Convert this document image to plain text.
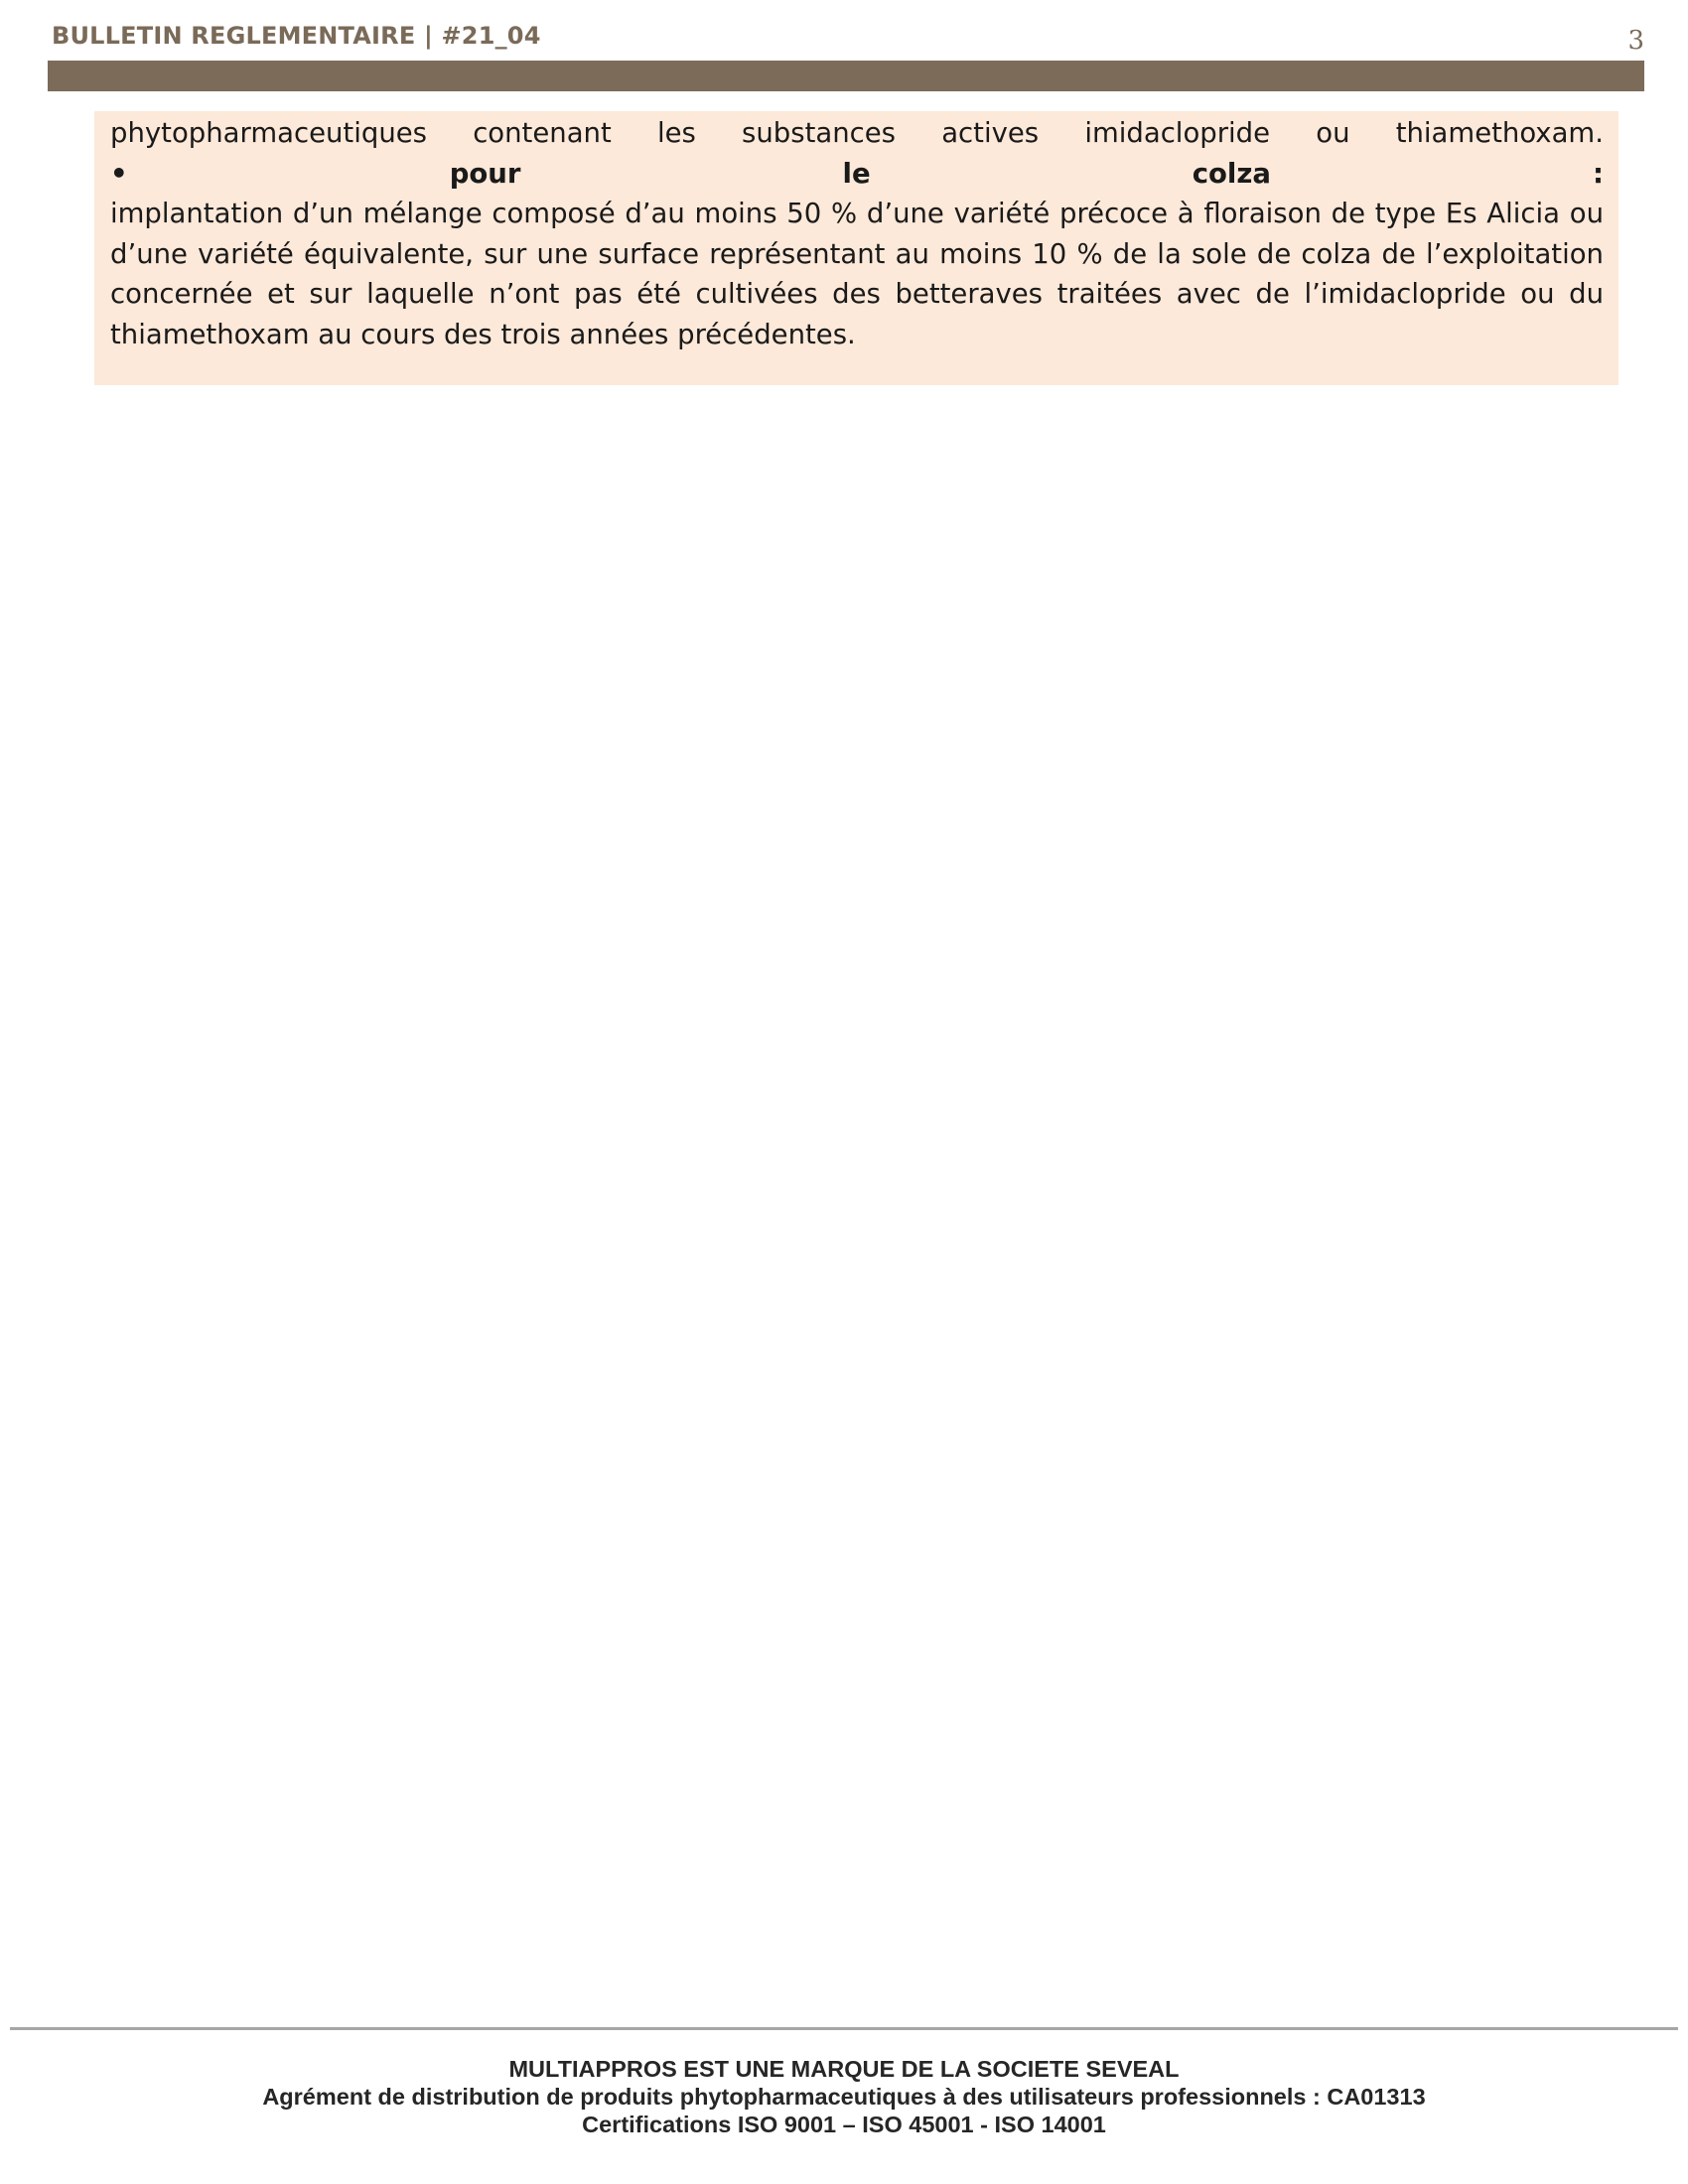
BULLETIN REGLEMENTAIRE | #21_04	3
phytopharmaceutiques contenant les substances actives imidaclopride ou thiamethoxam.
•	pour	le	colza	:

implantation d’un mélange composé d’au moins 50 % d’une variété précoce à floraison de type Es Alicia ou d’une variété équivalente, sur une surface représentant au moins 10 % de la sole de colza de l’exploitation concernée et sur laquelle n’ont pas été cultivées des betteraves traitées avec de l’imidaclopride ou du thiamethoxam au cours des trois années précédentes.

MULTIAPPROS EST UNE MARQUE DE LA SOCIETE SEVEAL
Agrément de distribution de produits phytopharmaceutiques à des utilisateurs professionnels : CA01313
Certifications ISO 9001 – ISO 45001 - ISO 14001
